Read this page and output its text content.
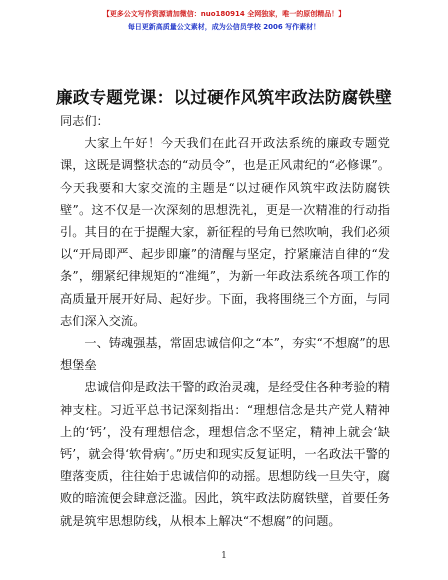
【更多公文写作资源请加微信：nuo180914 全网独家，唯一的原创精品！】
每日更新高质量公文素材，成为公信员学校 2006 写作素材！
廉政专题党课：以过硬作风筑牢政法防腐铁壁

同志们：

大家上午好！今天我们在此召开政法系统的廉政专题党课，这既是调整状态的“动员令”，也是正风肃纪的“必修课”。今天我要和大家交流的主题是“以过硬作风筑牢政法防腐铁壁”。这不仅是一次深刻的思想洗礼，更是一次精准的行动指引。其目的在于提醒大家，新征程的号角已然吹响，我们必须以“开局即严、起步即廉”的清醒与坚定，拧紧廉洁自律的“发条”，绷紧纪律规矩的“准绳”，为新一年政法系统各项工作的高质量开展开好局、起好步。下面，我将围绕三个方面，与同志们深入交流。

一、铸魂强基，常固忠诚信仰之“本”，夯实“不想腐”的思想堡垒

忠诚信仰是政法干警的政治灵魂，是经受住各种考验的精神支柱。习近平总书记深刻指出：“理想信念是共产党人精神上的‘钙’，没有理想信念，理想信念不坚定，精神上就会‘缺钙’，就会得‘软骨病’。”历史和现实反复证明，一名政法干警的堕落变质，往往始于忠诚信仰的动摇。思想防线一旦失守，腐败的暗流便会肆意泛滥。因此，筑牢政法防腐铁壁，首要任务就是筑牢思想防线，从根本上解决“不想腐”的问题。

1
